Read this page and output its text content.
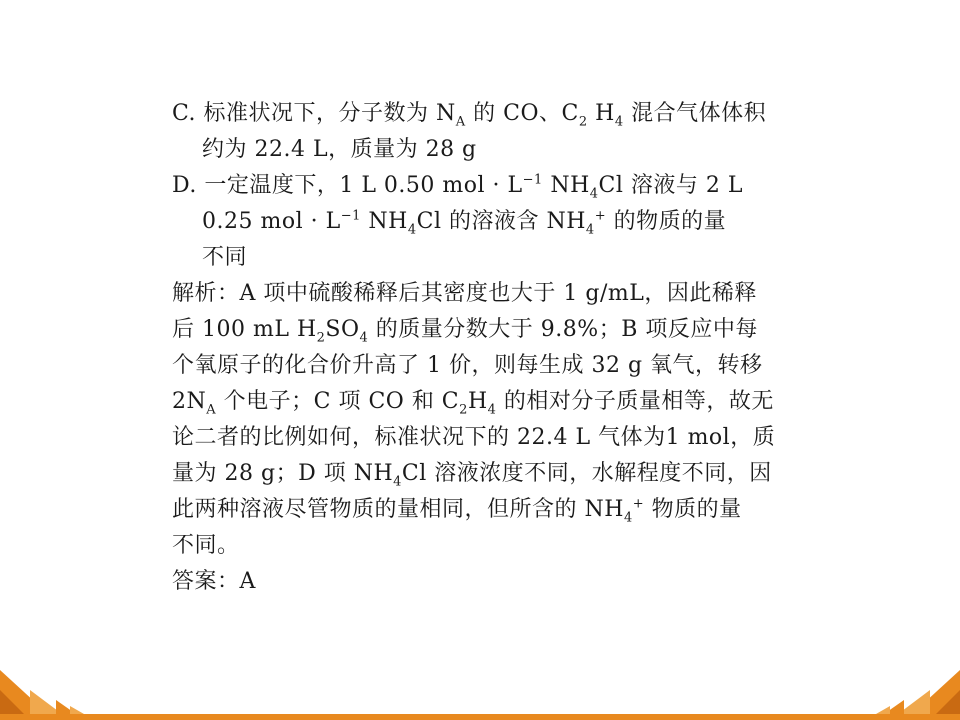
C. 标准状况下，分子数为 $N_A$ 的 CO、$C_2$ $H_4$ 混合气体体积
约为 22.4 L，质量为 28 g
D. 一定温度下，1 L 0.50 mol · $L^{-1}$ $NH_4Cl$ 溶液与 2 L
0.25 mol · $L^{-1}$ $NH_4Cl$ 的溶液含 $NH_4^+$ 的物质的量
不同
解析：A 项中硫酸稀释后其密度也大于 1 g/mL，因此稀释
后 100 mL $H_2SO_4$ 的质量分数大于 9.8%；B 项反应中每
个氧原子的化合价升高了 1 价，则每生成 32 g 氧气，转移
$2N_A$ 个电子；C 项 CO 和 $C_2H_4$ 的相对分子质量相等，故无
论二者的比例如何，标准状况下的 22.4 L 气体为1 mol，质
量为 28 g；D 项 $NH_4Cl$ 溶液浓度不同，水解程度不同，因
此两种溶液尽管物质的量相同，但所含的 $NH_4^+$ 物质的量
不同。
答案：A
